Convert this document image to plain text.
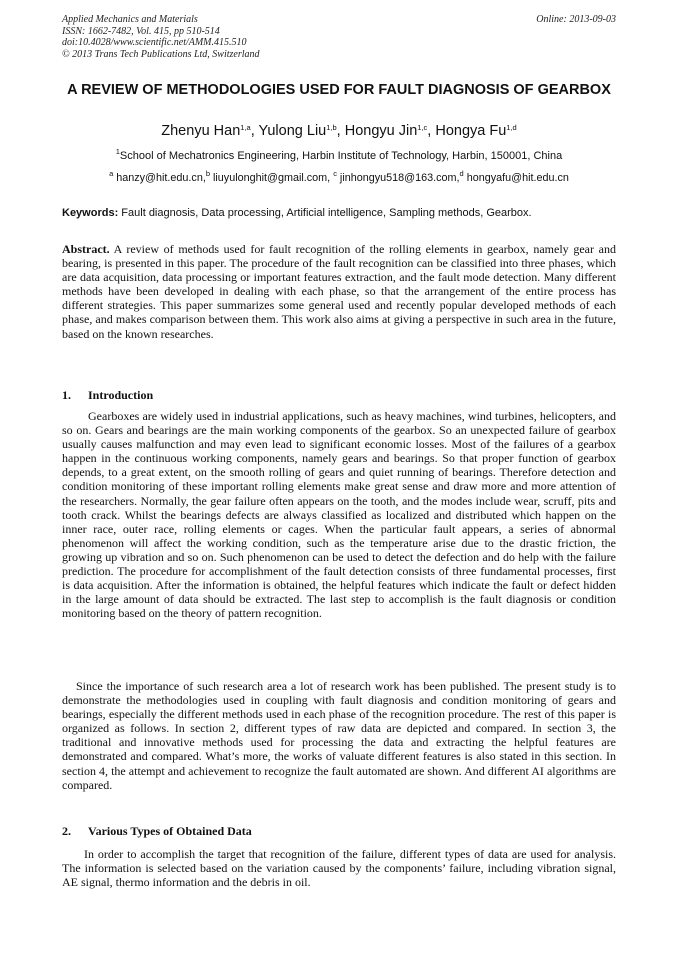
Applied Mechanics and Materials
ISSN: 1662-7482, Vol. 415, pp 510-514
doi:10.4028/www.scientific.net/AMM.415.510
© 2013 Trans Tech Publications Ltd, Switzerland
Online: 2013-09-03
A REVIEW OF METHODOLOGIES USED FOR FAULT DIAGNOSIS OF GEARBOX
Zhenyu Han$^{1,a}$, Yulong Liu$^{1,b}$, Hongyu Jin$^{1,c}$, Hongya Fu$^{1,d}$
$^1$School of Mechatronics Engineering, Harbin Institute of Technology, Harbin, 150001, China
$^a$ hanzy@hit.edu.cn,$^b$ liuyulonghit@gmail.com, $^c$ jinhongyu518@163.com,$^d$ hongyafu@hit.edu.cn
Keywords: Fault diagnosis, Data processing, Artificial intelligence, Sampling methods, Gearbox.

Abstract. A review of methods used for fault recognition of the rolling elements in gearbox, namely gear and bearing, is presented in this paper. The procedure of the fault recognition can be classified into three phases, which are data acquisition, data processing or important features extraction, and the fault mode detection. Many different methods have been developed in dealing with each phase, so that the arrangement of the entire process has different strategies. This paper summarizes some general used and recently popular developed methods of each phase, and makes comparison between them. This work also aims at giving a perspective in such area in the future, based on the known researches.

1. Introduction

Gearboxes are widely used in industrial applications, such as heavy machines, wind turbines, helicopters, and so on. Gears and bearings are the main working components of the gearbox. So an unexpected failure of gearbox usually causes malfunction and may even lead to significant economic losses. Most of the failures of a gearbox happen in the continuous working components, namely gears and bearings. So that proper function of gearbox depends, to a great extent, on the smooth rolling of gears and quiet running of bearings. Therefore detection and condition monitoring of these important rolling elements make great sense and draw more and more attention of the researchers. Normally, the gear failure often appears on the tooth, and the modes include wear, scruff, pits and tooth crack. Whilst the bearings defects are always classified as localized and distributed which happen on the inner race, outer race, rolling elements or cages. When the particular fault appears, a series of abnormal phenomenon will affect the working condition, such as the temperature arise due to the drastic friction, the growing up vibration and so on. Such phenomenon can be used to detect the defection and do help with the failure prediction. The procedure for accomplishment of the fault detection consists of three fundamental processes, first is data acquisition. After the information is obtained, the helpful features which indicate the fault or defect hidden in the large amount of data should be extracted. The last step to accomplish is the fault diagnosis or condition monitoring based on the theory of pattern recognition.

Since the importance of such research area a lot of research work has been published. The present study is to demonstrate the methodologies used in coupling with fault diagnosis and condition monitoring of gears and bearings, especially the different methods used in each phase of the recognition procedure. The rest of this paper is organized as follows. In section 2, different types of raw data are depicted and compared. In section 3, the traditional and innovative methods used for processing the data and extracting the helpful features are demonstrated and compared. What’s more, the works of valuate different features is also stated in this section. In section 4, the attempt and achievement to recognize the fault automated are shown. And different AI algorithms are compared.

2. Various Types of Obtained Data

In order to accomplish the target that recognition of the failure, different types of data are used for analysis. The information is selected based on the variation caused by the components’ failure, including vibration signal, AE signal, thermo information and the debris in oil.
